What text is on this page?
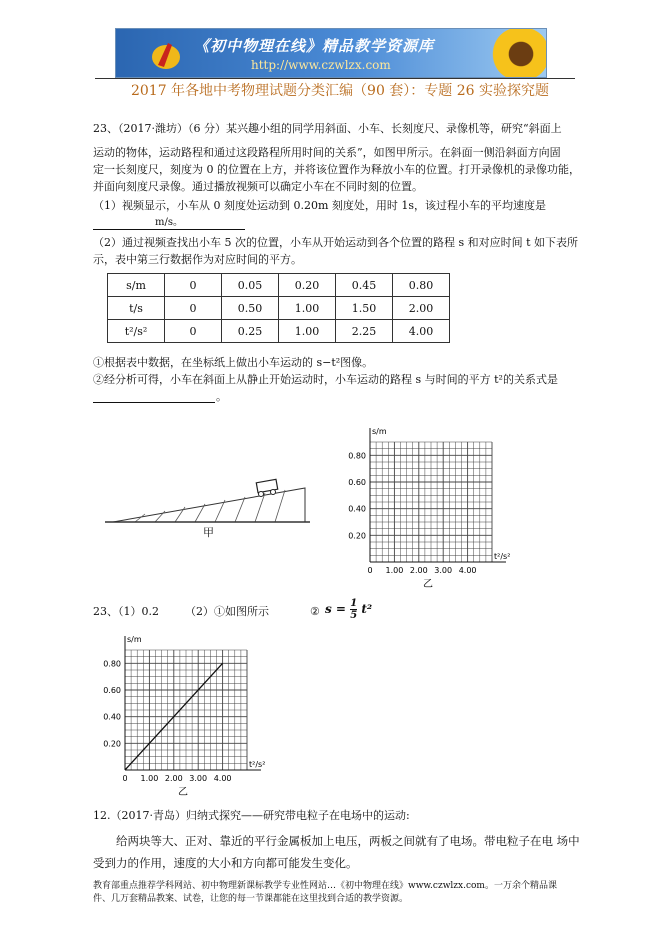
《初中物理在线》精品教学资源库
http://www.czwlzx.com
2017 年各地中考物理试题分类汇编（90 套）：专题 26 实验探究题
23、（2017·潍坊）（6 分）某兴趣小组的同学用斜面、小车、长刻度尺、录像机等，研究“斜面上
运动的物体，运动路程和通过这段路程所用时间的关系”，如图甲所示。在斜面一侧沿斜面方向固
定一长刻度尺，刻度为 0 的位置在上方，并将该位置作为释放小车的位置。打开录像机的录像功能，
并面向刻度尺录像。通过播放视频可以确定小车在不同时刻的位置。
（1）视频显示，小车从 0 刻度处运动到 0.20m 刻度处，用时 1s，该过程小车的平均速度是
m/s。
（2）通过视频查找出小车 5 次的位置，小车从开始运动到各个位置的路程 s 和对应时间 t 如下表所
示，表中第三行数据作为对应时间的平方。
s/m	0	0.05	0.20	0.45	0.80
t/s	0	0.50	1.00	1.50	2.00
t²/s²	0	0.25	1.00	2.25	4.00
①根据表中数据，在坐标纸上做出小车运动的 s−t²图像。
②经分析可得，小车在斜面上从静止开始运动时，小车运动的路程 s 与时间的平方 t²的关系式是
。
甲
s/m
t²/s²
0.80
0.60
0.40
0.20
0 1.00 2.00 3.00 4.00
乙
23、（1）0.2 （2）①如图所示	② $s = \frac{1}{5} t^2$
s/m
t²/s²
0.80
0.60
0.40
0.20
0 1.00 2.00 3.00 4.00
乙
12.（2017·青岛）归纳式探究——研究带电粒子在电场中的运动:
给两块等大、正对、靠近的平行金属板加上电压，两板之间就有了电场。带电粒子在电 场中
受到力的作用，速度的大小和方向都可能发生变化。
教育部重点推荐学科网站、初中物理新课标教学专业性网站…《初中物理在线》www.czwlzx.com。一万余个精品课
件、几万套精品教案、试卷，让您的每一节课都能在这里找到合适的教学资源。
